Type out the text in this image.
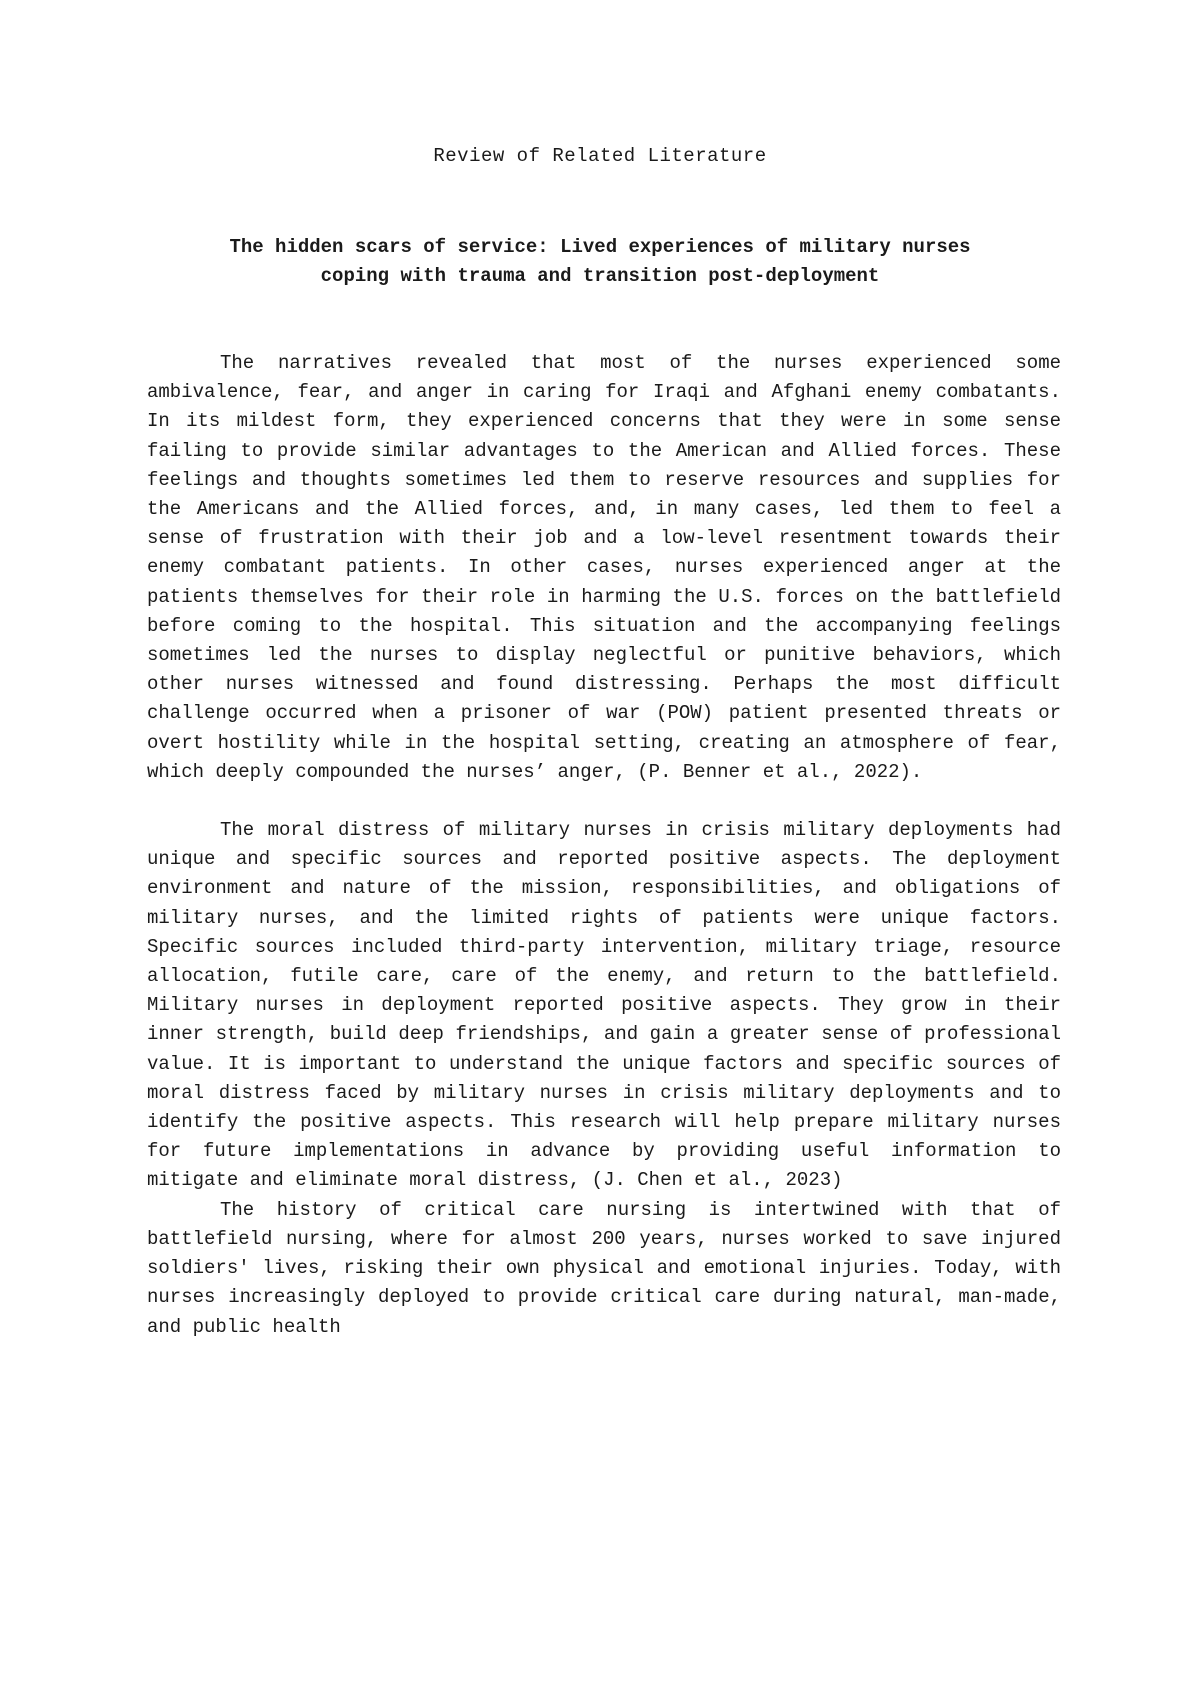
Review of Related Literature
The hidden scars of service: Lived experiences of military nurses
coping with trauma and transition post-deployment

The narratives revealed that most of the nurses experienced some ambivalence, fear, and anger in caring for Iraqi and Afghani enemy combatants. In its mildest form, they experienced concerns that they were in some sense failing to provide similar advantages to the American and Allied forces. These feelings and thoughts sometimes led them to reserve resources and supplies for the Americans and the Allied forces, and, in many cases, led them to feel a sense of frustration with their job and a low-level resentment towards their enemy combatant patients. In other cases, nurses experienced anger at the patients themselves for their role in harming the U.S. forces on the battlefield before coming to the hospital. This situation and the accompanying feelings sometimes led the nurses to display neglectful or punitive behaviors, which other nurses witnessed and found distressing. Perhaps the most difficult challenge occurred when a prisoner of war (POW) patient presented threats or overt hostility while in the hospital setting, creating an atmosphere of fear, which deeply compounded the nurses’ anger, (P. Benner et al., 2022).

The moral distress of military nurses in crisis military deployments had unique and specific sources and reported positive aspects. The deployment environment and nature of the mission, responsibilities, and obligations of military nurses, and the limited rights of patients were unique factors. Specific sources included third-party intervention, military triage, resource allocation, futile care, care of the enemy, and return to the battlefield. Military nurses in deployment reported positive aspects. They grow in their inner strength, build deep friendships, and gain a greater sense of professional value. It is important to understand the unique factors and specific sources of moral distress faced by military nurses in crisis military deployments and to identify the positive aspects. This research will help prepare military nurses for future implementations in advance by providing useful information to mitigate and eliminate moral distress, (J. Chen et al., 2023)

The history of critical care nursing is intertwined with that of battlefield nursing, where for almost 200 years, nurses worked to save injured soldiers' lives, risking their own physical and emotional injuries. Today, with nurses increasingly deployed to provide critical care during natural, man-made, and public health
